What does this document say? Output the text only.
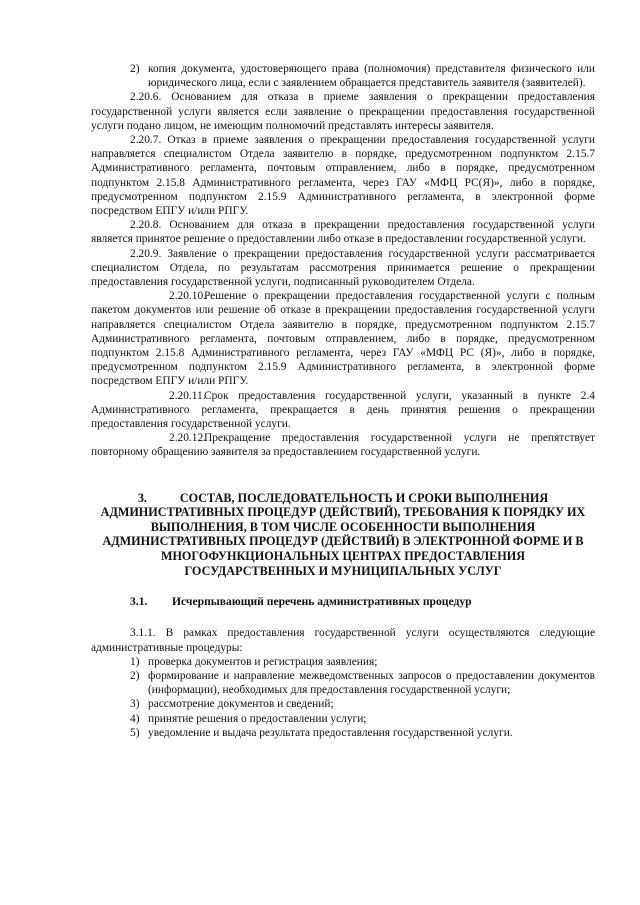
2) копия документа, удостоверяющего права (полномочия) представителя физического или юридического лица, если с заявлением обращается представитель заявителя (заявителей).

2.20.6. Основанием для отказа в приеме заявления о прекращении предоставления государственной услуги является если заявление о прекращении предоставления государственной услуги подано лицом, не имеющим полномочий представлять интересы заявителя.

2.20.7. Отказ в приеме заявления о прекращении предоставления государственной услуги направляется специалистом Отдела заявителю в порядке, предусмотренном подпунктом 2.15.7 Административного регламента, почтовым отправлением, либо в порядке, предусмотренном подпунктом 2.15.8 Административного регламента, через ГАУ «МФЦ РС(Я)», либо в порядке, предусмотренном подпунктом 2.15.9 Административного регламента, в электронной форме посредством ЕПГУ и/или РПГУ.

2.20.8. Основанием для отказа в прекращении предоставления государственной услуги является принятое решение о предоставлении либо отказе в предоставлении государственной услуги.

2.20.9. Заявление о прекращении предоставления государственной услуги рассматривается специалистом Отдела, по результатам рассмотрения принимается решение о прекращении предоставления государственной услуги, подписанный руководителем Отдела.

2.20.10.Решение о прекращении предоставления государственной услуги с полным пакетом документов или решение об отказе в прекращении предоставления государственной услуги направляется специалистом Отдела заявителю в порядке, предусмотренном подпунктом 2.15.7 Административного регламента, почтовым отправлением, либо в порядке, предусмотренном подпунктом 2.15.8 Административного регламента, через ГАУ «МФЦ РС (Я)», либо в порядке, предусмотренном подпунктом 2.15.9 Административного регламента, в электронной форме посредством ЕПГУ и/или РПГУ.

2.20.11.Срок предоставления государственной услуги, указанный в пункте 2.4 Административного регламента, прекращается в день принятия решения о прекращении предоставления государственной услуги.

2.20.12.Прекращение предоставления государственной услуги не препятствует повторному обращению заявителя за предоставлением государственной услуги.

3.	СОСТАВ, ПОСЛЕДОВАТЕЛЬНОСТЬ И СРОКИ ВЫПОЛНЕНИЯ АДМИНИСТРАТИВНЫХ ПРОЦЕДУР (ДЕЙСТВИЙ), ТРЕБОВАНИЯ К ПОРЯДКУ ИХ ВЫПОЛНЕНИЯ, В ТОМ ЧИСЛЕ ОСОБЕННОСТИ ВЫПОЛНЕНИЯ АДМИНИСТРАТИВНЫХ ПРОЦЕДУР (ДЕЙСТВИЙ) В ЭЛЕКТРОННОЙ ФОРМЕ И В МНОГОФУНКЦИОНАЛЬНЫХ ЦЕНТРАХ ПРЕДОСТАВЛЕНИЯ ГОСУДАРСТВЕННЫХ И МУНИЦИПАЛЬНЫХ УСЛУГ
3.1.	Исчерпывающий перечень административных процедур

3.1.1. В рамках предоставления государственной услуги осуществляются следующие административные процедуры:

1) проверка документов и регистрация заявления;
2) формирование и направление межведомственных запросов о предоставлении документов (информации), необходимых для предоставления государственной услуги;
3) рассмотрение документов и сведений;
4) принятие решения о предоставлении услуги;
5) уведомление и выдача результата предоставления государственной услуги.
